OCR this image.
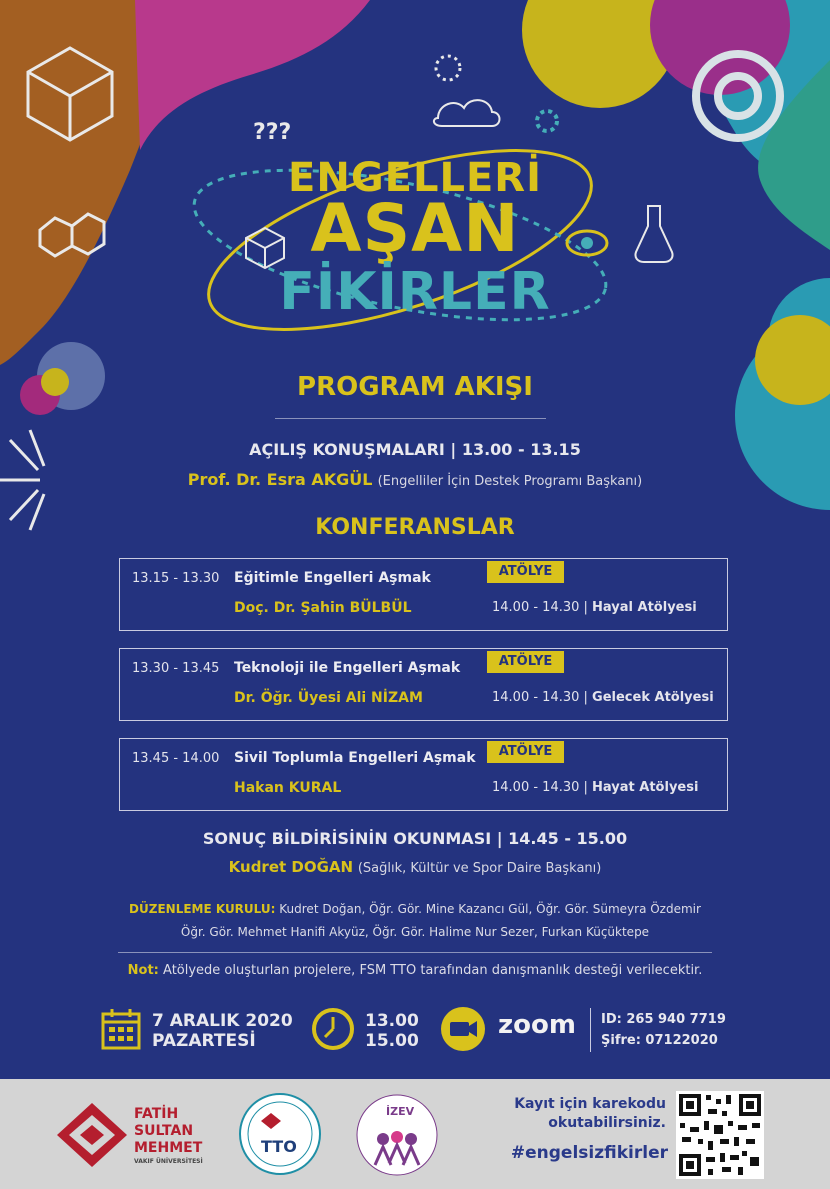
???
ENGELLERİ
AŞAN
FİKİRLER
PROGRAM AKIŞI
AÇILIŞ KONUŞMALARI | 13.00 - 13.15
Prof. Dr. Esra AKGÜL (Engelliler İçin Destek Programı Başkanı)
KONFERANSLAR
13.15 - 13.30 Eğitimle Engelleri Aşmak
Doç. Dr. Şahin BÜLBÜL
ATÖLYE
14.00 - 14.30 | Hayal Atölyesi
13.30 - 13.45 Teknoloji ile Engelleri Aşmak
Dr. Öğr. Üyesi Ali NİZAM
ATÖLYE
14.00 - 14.30 | Gelecek Atölyesi
13.45 - 14.00 Sivil Toplumla Engelleri Aşmak
Hakan KURAL
ATÖLYE
14.00 - 14.30 | Hayat Atölyesi
SONUÇ BİLDİRİSİNİN OKUNMASI | 14.45 - 15.00
Kudret DOĞAN (Sağlık, Kültür ve Spor Daire Başkanı)
DÜZENLEME KURULU: Kudret Doğan, Öğr. Gör. Mine Kazancı Gül, Öğr. Gör. Sümeyra Özdemir
Öğr. Gör. Mehmet Hanifi Akyüz, Öğr. Gör. Halime Nur Sezer, Furkan Küçüktepe
Not: Atölyede oluşturlan projelere, FSM TTO tarafından danışmanlık desteği verilecektir.
7 ARALIK 2020
PAZARTESİ
13.00
15.00
zoom ID: 265 940 7719
Şifre: 07122020
FATİH
SULTAN
MEHMET
VAKIF ÜNİVERSİTESİ
TTO
İZEV	Kayıt için karekodu
okutabilirsiniz.
#engelsizfikirler
